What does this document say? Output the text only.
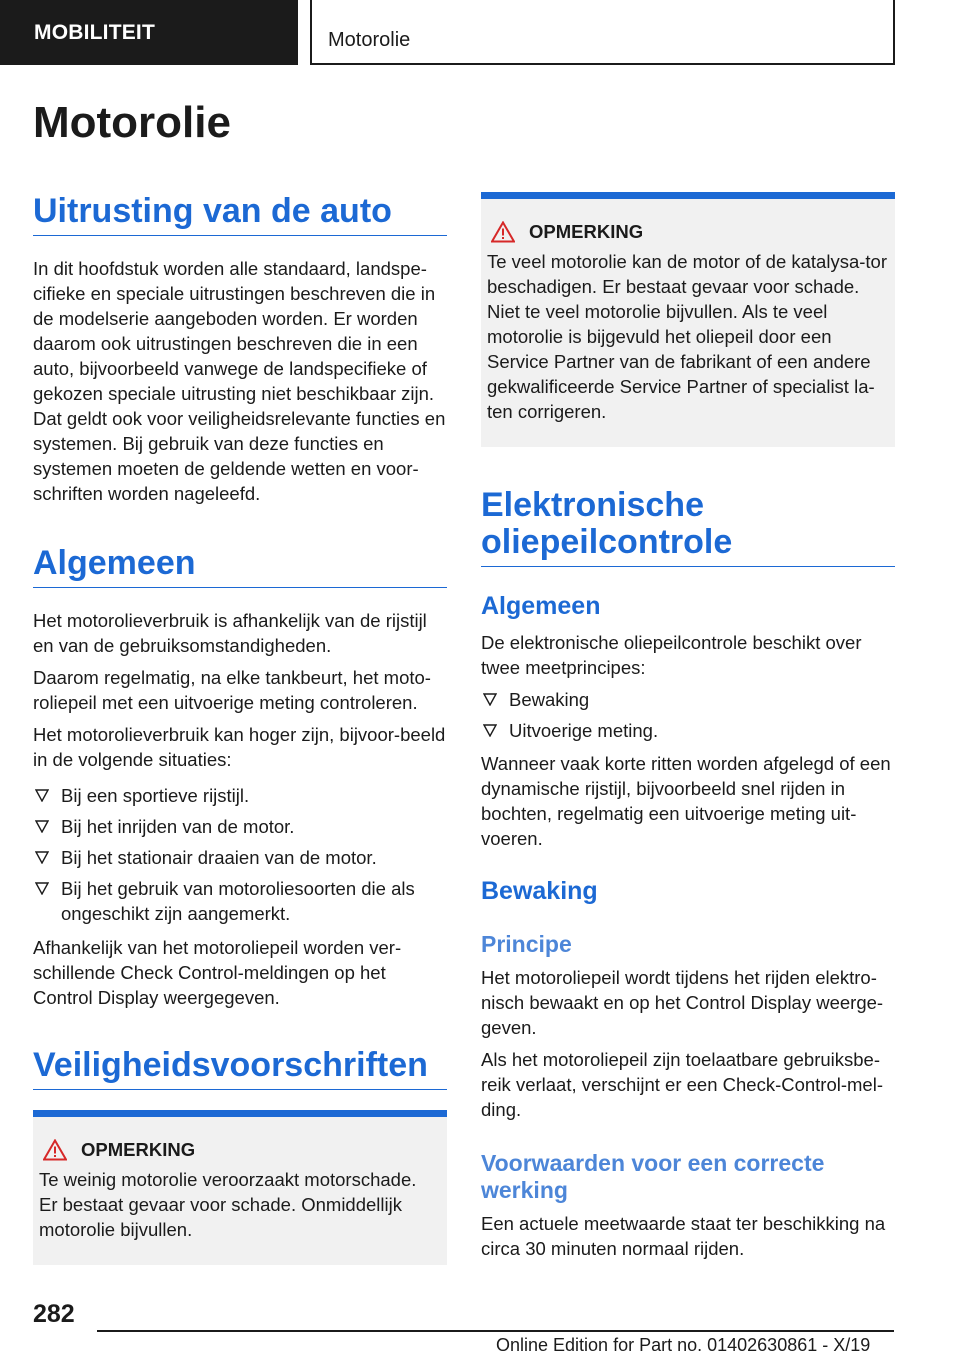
MOBILITEIT	Motorolie
Motorolie
Uitrusting van de auto

In dit hoofdstuk worden alle standaard, landspe-cifieke en speciale uitrustingen beschreven die in de modelserie aangeboden worden. Er worden daarom ook uitrustingen beschreven die in een auto, bijvoorbeeld vanwege de landspecifieke of gekozen speciale uitrusting niet beschikbaar zijn. Dat geldt ook voor veiligheidsrelevante functies en systemen. Bij gebruik van deze functies en systemen moeten de geldende wetten en voor-schriften worden nageleefd.

Algemeen

Het motorolieverbruik is afhankelijk van de rijstijl en van de gebruiksomstandigheden.

Daarom regelmatig, na elke tankbeurt, het moto-roliepeil met een uitvoerige meting controleren.

Het motorolieverbruik kan hoger zijn, bijvoor-beeld in de volgende situaties:

Bij een sportieve rijstijl.
Bij het inrijden van de motor.
Bij het stationair draaien van de motor.
Bij het gebruik van motoroliesoorten die als ongeschikt zijn aangemerkt.

Afhankelijk van het motoroliepeil worden ver-schillende Check Control-meldingen op het Control Display weergegeven.

Veiligheidsvoorschriften
OPMERKING

Te weinig motorolie veroorzaakt motorschade. Er bestaat gevaar voor schade. Onmiddellijk motorolie bijvullen.

OPMERKING

Te veel motorolie kan de motor of de katalysa-tor beschadigen. Er bestaat gevaar voor schade. Niet te veel motorolie bijvullen. Als te veel motorolie is bijgevuld het oliepeil door een Service Partner van de fabrikant of een andere gekwalificeerde Service Partner of specialist la-ten corrigeren.

Elektronische
oliepeilcontrole
Algemeen

De elektronische oliepeilcontrole beschikt over twee meetprincipes:

Bewaking
Uitvoerige meting.

Wanneer vaak korte ritten worden afgelegd of een dynamische rijstijl, bijvoorbeeld snel rijden in bochten, regelmatig een uitvoerige meting uit-voeren.

Bewaking
Principe

Het motoroliepeil wordt tijdens het rijden elektro-nisch bewaakt en op het Control Display weerge-geven.

Als het motoroliepeil zijn toelaatbare gebruiksbe-reik verlaat, verschijnt er een Check-Control-mel-ding.

Voorwaarden voor een correcte werking

Een actuele meetwaarde staat ter beschikking na circa 30 minuten normaal rijden.

282
Online Edition for Part no. 01402630861 - X/19
